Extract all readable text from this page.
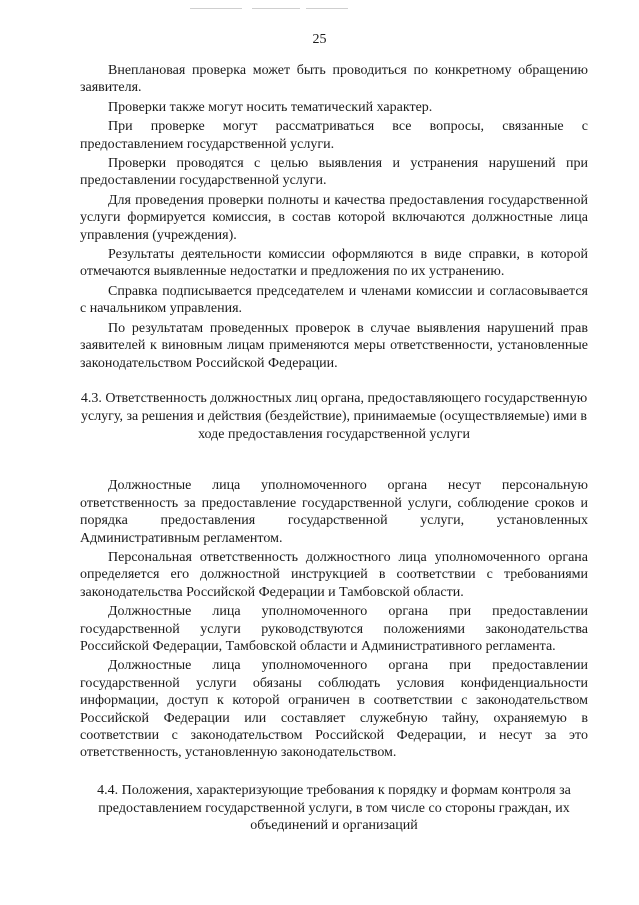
25

Внеплановая проверка может быть проводиться по конкретному обращению заявителя.

Проверки также могут носить тематический характер.

При проверке могут рассматриваться все вопросы, связанные с предоставлением государственной услуги.

Проверки проводятся с целью выявления и устранения нарушений при предоставлении государственной услуги.

Для проведения проверки полноты и качества предоставления государственной услуги формируется комиссия, в состав которой включаются должностные лица управления (учреждения).

Результаты деятельности комиссии оформляются в виде справки, в которой отмечаются выявленные недостатки и предложения по их устранению.

Справка подписывается председателем и членами комиссии и согласовывается с начальником управления.

По результатам проведенных проверок в случае выявления нарушений прав заявителей к виновным лицам применяются меры ответственности, установленные законодательством Российской Федерации.

4.3. Ответственность должностных лиц органа, предоставляющего государственную услугу, за решения и действия (бездействие), принимаемые (осуществляемые) ими в ходе предоставления государственной услуги

Должностные лица уполномоченного органа несут персональную ответственность за предоставление государственной услуги, соблюдение сроков и порядка предоставления государственной услуги, установленных Административным регламентом.

Персональная ответственность должностного лица уполномоченного органа определяется его должностной инструкцией в соответствии с требованиями законодательства Российской Федерации и Тамбовской области.

Должностные лица уполномоченного органа при предоставлении государственной услуги руководствуются положениями законодательства Российской Федерации, Тамбовской области и Административного регламента.

Должностные лица уполномоченного органа при предоставлении государственной услуги обязаны соблюдать условия конфиденциальности информации, доступ к которой ограничен в соответствии с законодательством Российской Федерации или составляет служебную тайну, охраняемую в соответствии с законодательством Российской Федерации, и несут за это ответственность, установленную законодательством.

4.4. Положения, характеризующие требования к порядку и формам контроля за предоставлением государственной услуги, в том числе со стороны граждан, их объединений и организаций
